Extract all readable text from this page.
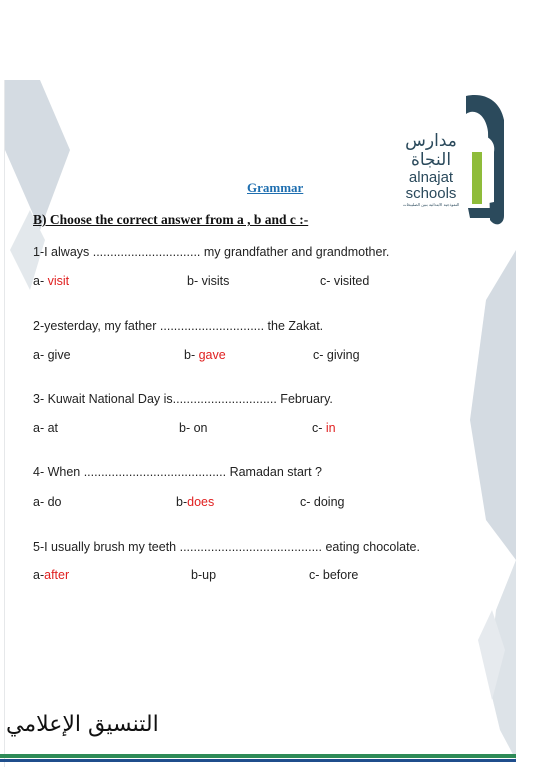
مدارس
النجاة
alnajat
schools
النموذجية الابتدائية بنين الصليبخات
Grammar
B) Choose the correct answer from a , b and c :-
1-I always ............................... my grandfather and grandmother.
a- visit	b- visits	c- visited
2-yesterday, my father .............................. the Zakat.
a- give	b- gave	c- giving
3- Kuwait National Day is.............................. February.
a- at	b- on	c- in
4- When ......................................... Ramadan start ?
a- do	b-does	c- doing
5-I usually brush my teeth ......................................... eating chocolate.
a-after	b-up	c- before
التنسيق الإعلامي
